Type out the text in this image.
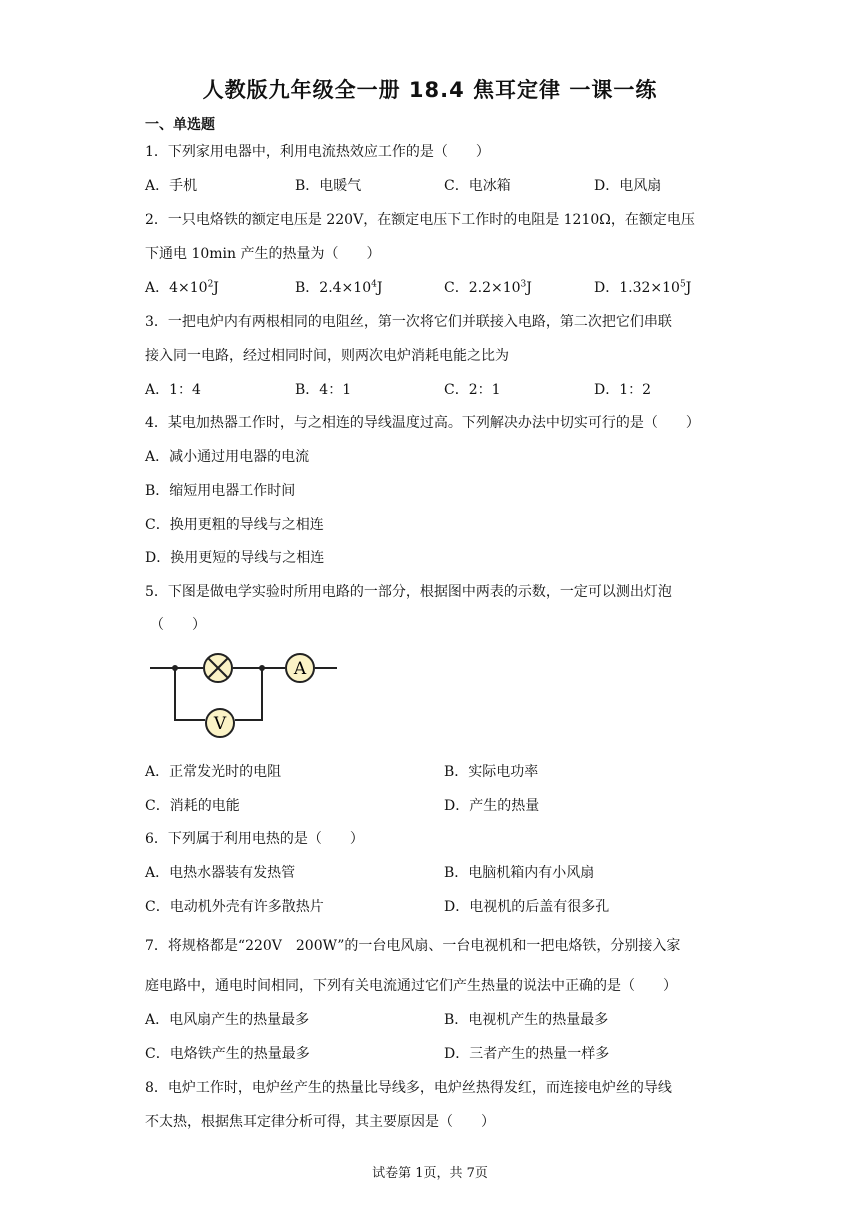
人教版九年级全一册 18.4 焦耳定律 一课一练
一、单选题
1．下列家用电器中，利用电流热效应工作的是（　　）
A．手机	B．电暖气	C．电冰箱	D．电风扇
2．一只电烙铁的额定电压是 220V，在额定电压下工作时的电阻是 1210Ω，在额定电压
下通电 10min 产生的热量为（　　）
A．$4\times 10^2J$	B．$2.4\times 10^4J$	C．$2.2\times 10^3J$	D．$1.32\times 10^5J$
3．一把电炉内有两根相同的电阻丝，第一次将它们并联接入电路，第二次把它们串联
接入同一电路，经过相同时间，则两次电炉消耗电能之比为
A．1：4	B．4：1	C．2：1	D．1：2
4．某电加热器工作时，与之相连的导线温度过高。下列解决办法中切实可行的是（　　）
A．减小通过用电器的电流
B．缩短用电器工作时间
C．换用更粗的导线与之相连
D．换用更短的导线与之相连
5．下图是做电学实验时所用电路的一部分，根据图中两表的示数，一定可以测出灯泡
（　　）
A
V
A．正常发光时的电阻	B．实际电功率
C．消耗的电能	D．产生的热量
6．下列属于利用电热的是（　　）
A．电热水器装有发热管	B．电脑机箱内有小风扇
C．电动机外壳有许多散热片	D．电视机的后盖有很多孔
7．将规格都是“220V　200W”的一台电风扇、一台电视机和一把电烙铁，分别接入家
庭电路中，通电时间相同，下列有关电流通过它们产生热量的说法中正确的是（　　）
A．电风扇产生的热量最多	B．电视机产生的热量最多
C．电烙铁产生的热量最多	D．三者产生的热量一样多
8．电炉工作时，电炉丝产生的热量比导线多，电炉丝热得发红，而连接电炉丝的导线
不太热，根据焦耳定律分析可得，其主要原因是（　　）
试卷第 1页，共 7页
